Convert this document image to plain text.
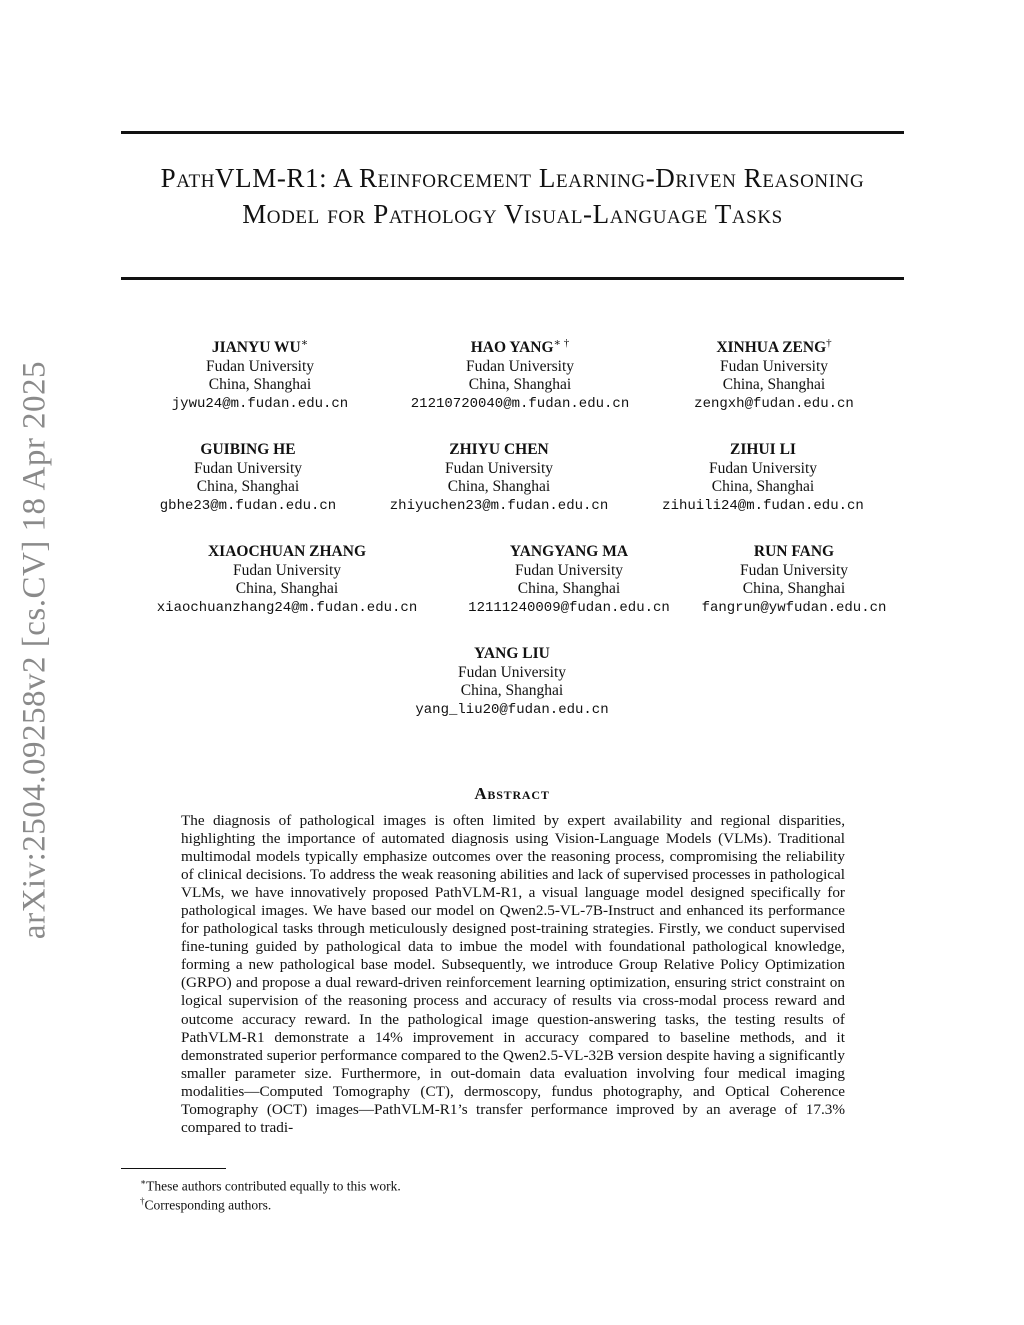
arXiv:2504.09258v2 [cs.CV] 18 Apr 2025
PathVLM-R1: A Reinforcement Learning-Driven Reasoning Model for Pathology Visual-Language Tasks
JIANYU WU∗
Fudan University
China, Shanghai
jywu24@m.fudan.edu.cn
HAO YANG∗ †
Fudan University
China, Shanghai
21210720040@m.fudan.edu.cn
XINHUA ZENG†
Fudan University
China, Shanghai
zengxh@fudan.edu.cn
GUIBING HE
Fudan University
China, Shanghai
gbhe23@m.fudan.edu.cn
ZHIYU CHEN
Fudan University
China, Shanghai
zhiyuchen23@m.fudan.edu.cn
ZIHUI LI
Fudan University
China, Shanghai
zihuili24@m.fudan.edu.cn
XIAOCHUAN ZHANG
Fudan University
China, Shanghai
xiaochuanzhang24@m.fudan.edu.cn
YANGYANG MA
Fudan University
China, Shanghai
12111240009@fudan.edu.cn
RUN FANG
Fudan University
China, Shanghai
fangrun@ywfudan.edu.cn
YANG LIU
Fudan University
China, Shanghai
yang_liu20@fudan.edu.cn
Abstract

The diagnosis of pathological images is often limited by expert availability and regional disparities, highlighting the importance of automated diagnosis using Vision-Language Models (VLMs). Traditional multimodal models typically emphasize outcomes over the reasoning process, compromising the reliability of clinical decisions. To address the weak reasoning abilities and lack of supervised processes in pathological VLMs, we have innovatively proposed PathVLM-R1, a visual language model designed specifically for pathological images. We have based our model on Qwen2.5-VL-7B-Instruct and enhanced its performance for pathological tasks through meticulously designed post-training strategies. Firstly, we conduct supervised fine-tuning guided by pathological data to imbue the model with foundational pathological knowledge, forming a new pathological base model. Subsequently, we introduce Group Relative Policy Optimization (GRPO) and propose a dual reward-driven reinforcement learning optimization, ensuring strict constraint on logical supervision of the reasoning process and accuracy of results via cross-modal process reward and outcome accuracy reward. In the pathological image question-answering tasks, the testing results of PathVLM-R1 demonstrate a 14% improvement in accuracy compared to baseline methods, and it demonstrated superior performance compared to the Qwen2.5-VL-32B version despite having a significantly smaller parameter size. Furthermore, in out-domain data evaluation involving four medical imaging modalities—Computed Tomography (CT), dermoscopy, fundus photography, and Optical Coherence Tomography (OCT) images—PathVLM-R1’s transfer performance improved by an average of 17.3% compared to tradi-

∗These authors contributed equally to this work.
†Corresponding authors.
